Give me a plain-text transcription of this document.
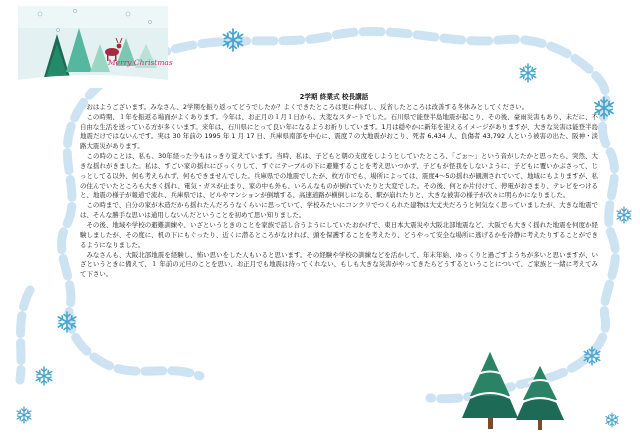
Merry Christmas
2学期 終業式 校長講話

おはようございます。みなさん、2学期を振り返ってどうでしたか？よくできたところは更に伸ばし、反省したところは改善する冬休みとしてください。

この時期、１年を振返る場面がよくあります。今年は、お正月の１月１日から、大変なスタートでした。石川県で能登半島地震が起こり、その後、豪雨災害もあり、未だに、不自由な生活を送っている方が多くいます。来年は、石川県にとって良い年になるようお祈りしています。1月は穏やかに新年を迎えるイメージがありますが、大きな災害は能登半島地震だけではないんです。実は 30 年前の 1995 年 1 月 17 日、兵庫県南部を中心に、震度７の大地震がおこり、死者 6,434 人、負傷者 43,792 人という被害の出た、阪神・淡路大震災があります。

この時のことは、私も、30年経った今もはっきり覚えています。当時、私は、子どもと朝の支度をしようとしていたところ、「ごぉ～」という音がしたかと思ったら、突然、大きな揺れがきました。私は、すごい家の揺れにびっくりして、すぐにテーブルの下に避難することを考え思いつかず、子どもが怪我をしないように、子どもに覆いかぶさって、じっとしてる以外、何も考えられず、何もできませんでした。兵庫県での地震でしたが、枚方市でも、場所によっては、震度4～5の揺れが観測されていて、地域にもよりますが、私の住んでいたところも大きく揺れ、電気・ガスが止まり、家の中も外も、いろんなものが倒れていたりと大変でした。その後、何とか片付けて、停電がおさまり、テレビをつけると、地震の様子が報道で流れ、兵庫県では、ビルやマンションが倒壊する、高速道路が横倒しになる、駅が崩れたりと、大きな被害の様子が次々に明らかになりました。

この時まで、自分の家が木造だから揺れたんだろうなくらいに思っていて、学校みたいにコンクリでつくられた建物は大丈夫だろうと何気なく思っていましたが、大きな地震では、そんな勝手な思いは通用しないんだということを初めて思い知りました。

その後、地域や学校の避難訓練や、いざというときのことを家族で話し合うようにしていたおかげで、東日本大震災や大阪北部地震など、大阪でも大きく揺れた地震を何度か経験しましたが、その度に、机の下にもぐったり、近くに潜るところがなければ、頭を保護することを考えたり、どうやって安全な場所に逃げるかを冷静に考えたりすることができるようになりました。

みなさんも、大阪北部地震を経験し、怖い思いをした人もいると思います。その経験や学校の訓練などを活かして、年末年始、ゆっくりと過ごすようちが多いと思いますが、いざというときに備えて、１ 年前の元旦のことを思い、お正月でも地震は待ってくれない、もしも大きな災害がやってきたらどうするということについて、ご家族と一緒に考えてみて下さい。
